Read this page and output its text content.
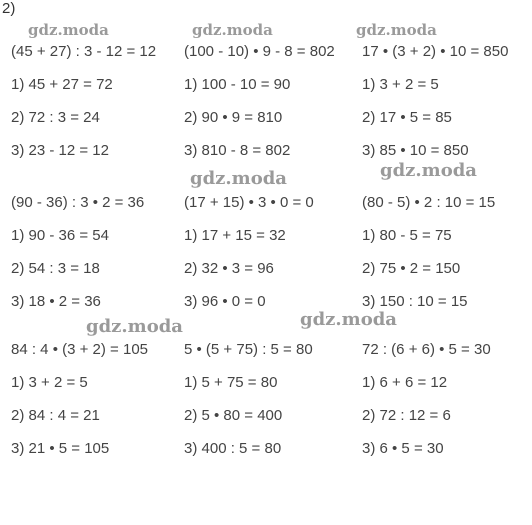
2)
gdz.moda	gdz.moda	gdz.moda
gdz.moda	gdz.moda
gdz.moda	gdz.moda
(45 + 27) : 3 - 12 = 12
1) 45 + 27 = 72
2) 72 : 3 = 24
3) 23 - 12 = 12
(100 - 10) • 9 - 8 = 802
1) 100 - 10 = 90
2) 90 • 9 = 810
3) 810 - 8 = 802
17 • (3 + 2) • 10 = 850
1) 3 + 2 = 5
2) 17 • 5 = 85
3) 85 • 10 = 850
(90 - 36) : 3 • 2 = 36
1) 90 - 36 = 54
2) 54 : 3 = 18
3) 18 • 2 = 36
(17 + 15) • 3 • 0 = 0
1) 17 + 15 = 32
2) 32 • 3 = 96
3) 96 • 0 = 0
(80 - 5) • 2 : 10 = 15
1) 80 - 5 = 75
2) 75 • 2 = 150
3) 150 : 10 = 15
84 : 4 • (3 + 2) = 105
1) 3 + 2 = 5
2) 84 : 4 = 21
3) 21 • 5 = 105
5 • (5 + 75) : 5 = 80
1) 5 + 75 = 80
2) 5 • 80 = 400
3) 400 : 5 = 80
72 : (6 + 6) • 5 = 30
1) 6 + 6 = 12
2) 72 : 12 = 6
3) 6 • 5 = 30
